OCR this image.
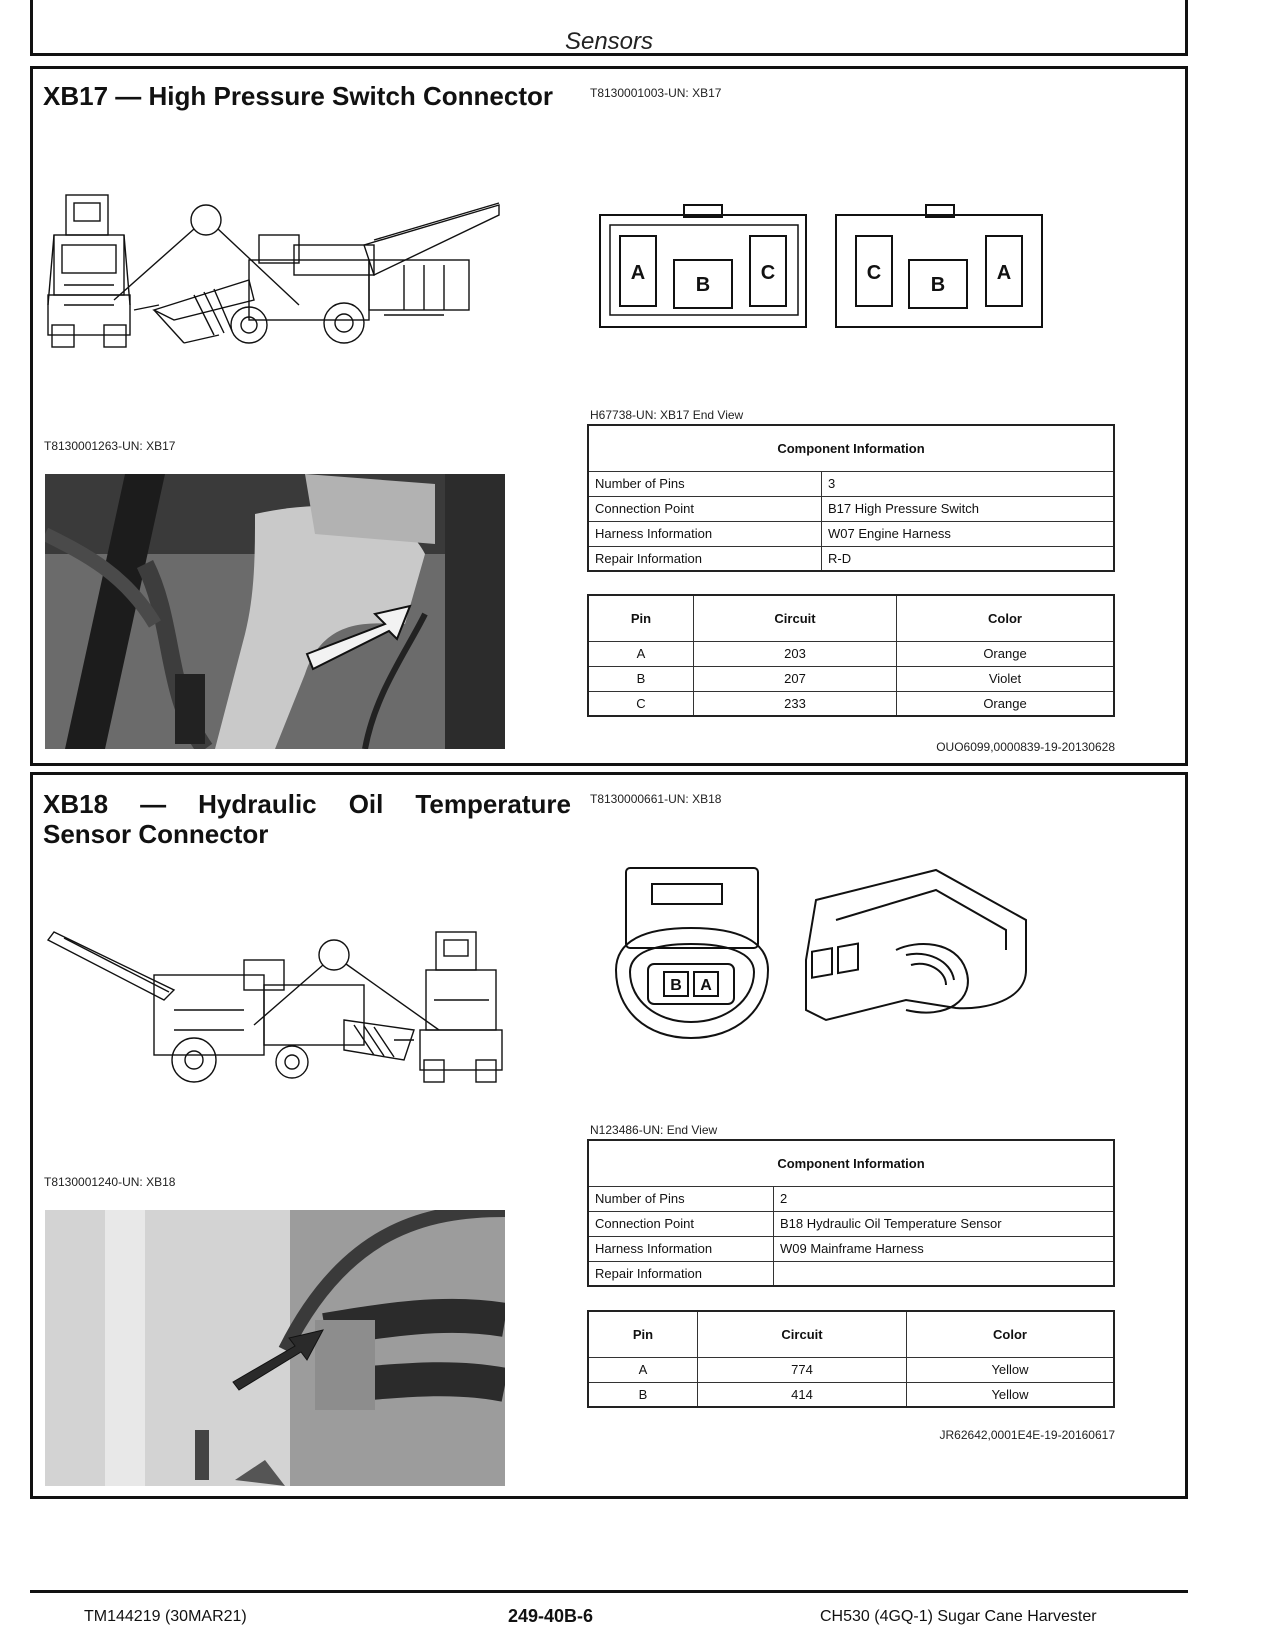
Sensors
XB17 — High Pressure Switch Connector	T8130001003-UN: XB17
A
B
C	C
B
A
H67738-UN: XB17 End View
T8130001263-UN: XB17	Component Information	
Number of Pins	3
Connection Point	B17 High Pressure Switch
Harness Information	W07 Engine Harness
Repair Information	R-D
Pin	Circuit	Color
A	203	Orange
B	207	Violet
C	233	Orange
OUO6099,0000839-19-20130628
XB18 — Hydraulic Oil Temperature
Sensor Connector
T8130000661-UN: XB18
B A
N123486-UN: End View
T8130001240-UN: XB18
Component Information	
Number of Pins	2
Connection Point	B18 Hydraulic Oil Temperature Sensor
Harness Information	W09 Mainframe Harness
Repair Information	
Pin	Circuit	Color
A	774	Yellow
B	414	Yellow
JR62642,0001E4E-19-20160617
TM144219 (30MAR21)	249-40B-6	CH530 (4GQ-1) Sugar Cane Harvester
